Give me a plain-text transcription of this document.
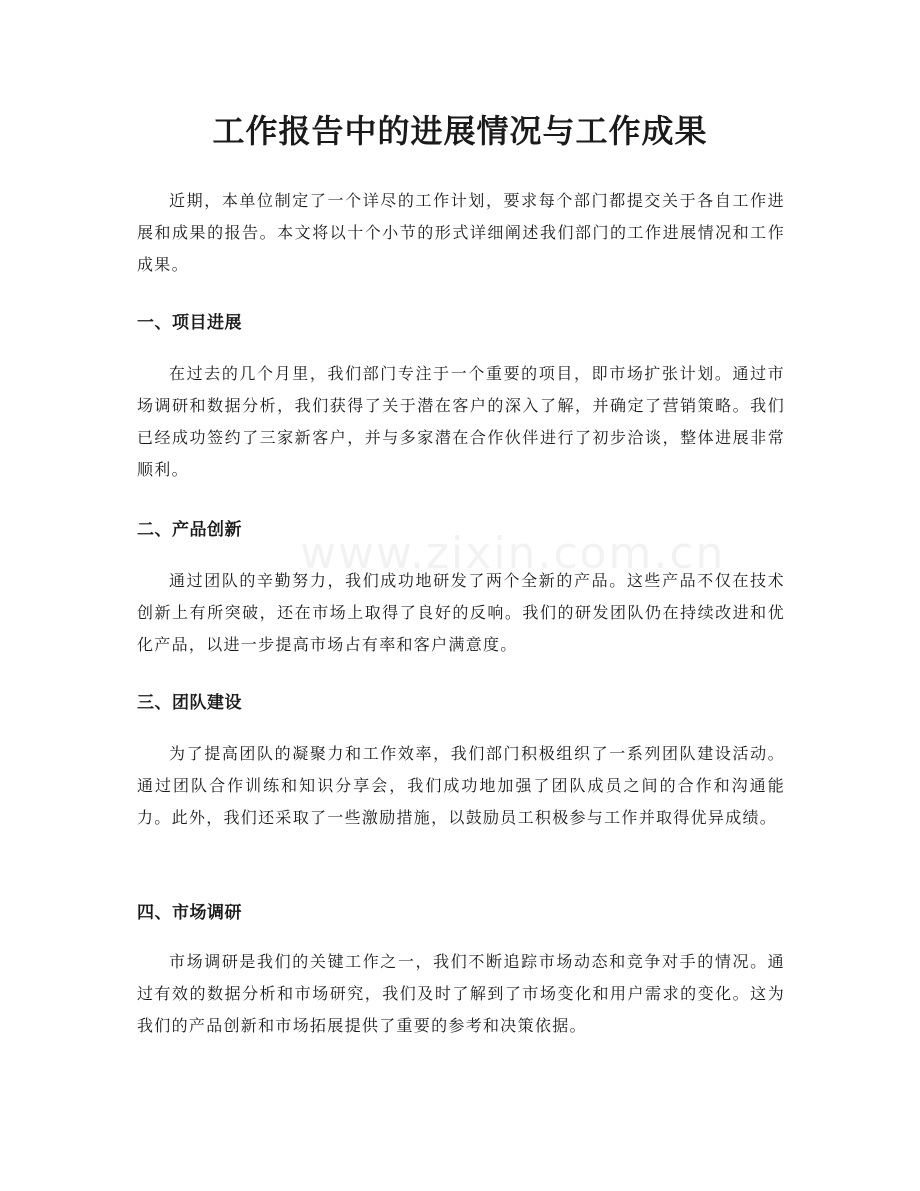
www.zixin.com.cn
工作报告中的进展情况与工作成果

近期，本单位制定了一个详尽的工作计划，要求每个部门都提交关于各自工作进展和成果的报告。本文将以十个小节的形式详细阐述我们部门的工作进展情况和工作成果。

一、项目进展

在过去的几个月里，我们部门专注于一个重要的项目，即市场扩张计划。通过市场调研和数据分析，我们获得了关于潜在客户的深入了解，并确定了营销策略。我们已经成功签约了三家新客户，并与多家潜在合作伙伴进行了初步洽谈，整体进展非常顺利。

二、产品创新

通过团队的辛勤努力，我们成功地研发了两个全新的产品。这些产品不仅在技术创新上有所突破，还在市场上取得了良好的反响。我们的研发团队仍在持续改进和优化产品，以进一步提高市场占有率和客户满意度。

三、团队建设

为了提高团队的凝聚力和工作效率，我们部门积极组织了一系列团队建设活动。通过团队合作训练和知识分享会，我们成功地加强了团队成员之间的合作和沟通能力。此外，我们还采取了一些激励措施，以鼓励员工积极参与工作并取得优异成绩。

四、市场调研

市场调研是我们的关键工作之一，我们不断追踪市场动态和竞争对手的情况。通过有效的数据分析和市场研究，我们及时了解到了市场变化和用户需求的变化。这为我们的产品创新和市场拓展提供了重要的参考和决策依据。
